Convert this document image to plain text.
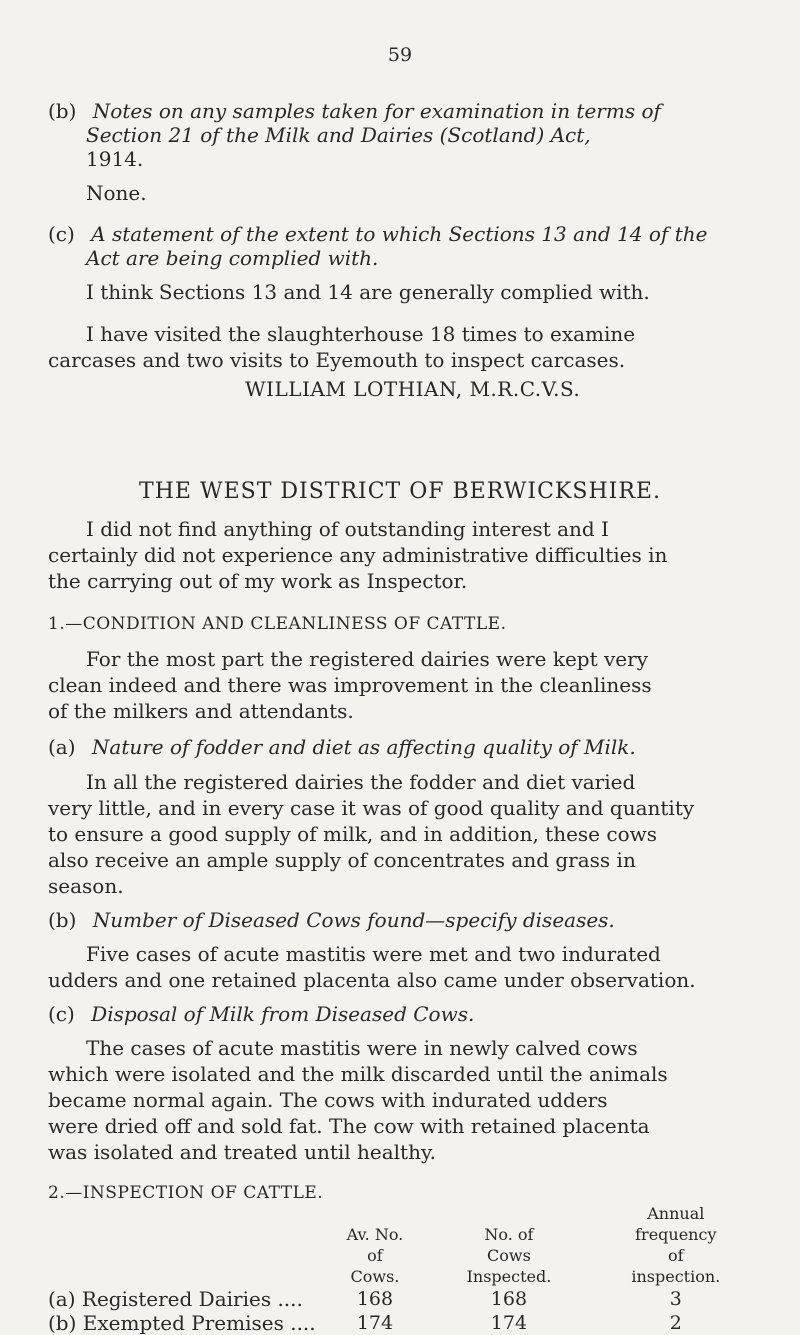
59
(b) Notes on any samples taken for examination in terms of
Section 21 of the Milk and Dairies (Scotland) Act,
1914.
None.
(c) A statement of the extent to which Sections 13 and 14 of the
Act are being complied with.
I think Sections 13 and 14 are generally complied with.
I have visited the slaughterhouse 18 times to examine
carcases and two visits to Eyemouth to inspect carcases.
WILLIAM LOTHIAN, M.R.C.V.S.
THE WEST DISTRICT OF BERWICKSHIRE.
I did not find anything of outstanding interest and I
certainly did not experience any administrative difficulties in
the carrying out of my work as Inspector.
1.—CONDITION AND CLEANLINESS OF CATTLE.
For the most part the registered dairies were kept very
clean indeed and there was improvement in the cleanliness
of the milkers and attendants.
(a) Nature of fodder and diet as affecting quality of Milk.
In all the registered dairies the fodder and diet varied
very little, and in every case it was of good quality and quantity
to ensure a good supply of milk, and in addition, these cows
also receive an ample supply of concentrates and grass in
season.
(b) Number of Diseased Cows found—specify diseases.
Five cases of acute mastitis were met and two indurated
udders and one retained placenta also came under observation.
(c) Disposal of Milk from Diseased Cows.
The cases of acute mastitis were in newly calved cows
which were isolated and the milk discarded until the animals
became normal again. The cows with indurated udders
were dried off and sold fat. The cow with retained placenta
was isolated and treated until healthy.
2.—INSPECTION OF CATTLE.
			Annual
	Av. No.	No. of	frequency
	of	Cows	of
	Cows.	Inspected.	inspection.
(a) Registered Dairies ....	168	168	3
(b) Exempted Premises ....	174	174	2
